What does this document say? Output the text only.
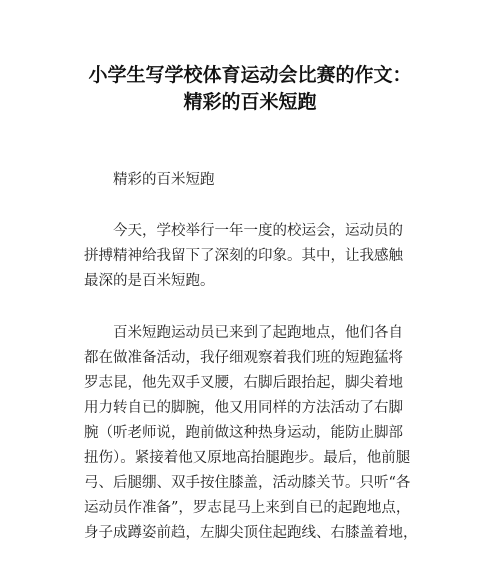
小学生写学校体育运动会比赛的作文：
精彩的百米短跑

精彩的百米短跑

今天，学校举行一年一度的校运会，运动员的
拼搏精神给我留下了深刻的印象。其中，让我感触
最深的是百米短跑。
百米短跑运动员已来到了起跑地点，他们各自
都在做准备活动，我仔细观察着我们班的短跑猛将
罗志昆，他先双手叉腰，右脚后跟抬起，脚尖着地
用力转自已的脚腕，他又用同样的方法活动了右脚
腕（听老师说，跑前做这种热身运动，能防止脚部
扭伤）。紧接着他又原地高抬腿跑步。最后，他前腿
弓、后腿绷、双手按住膝盖，活动膝关节。只听“各
运动员作准备”，罗志昆马上来到自已的起跑地点，
身子成蹲姿前趋，左脚尖顶住起跑线、右膝盖着地，
